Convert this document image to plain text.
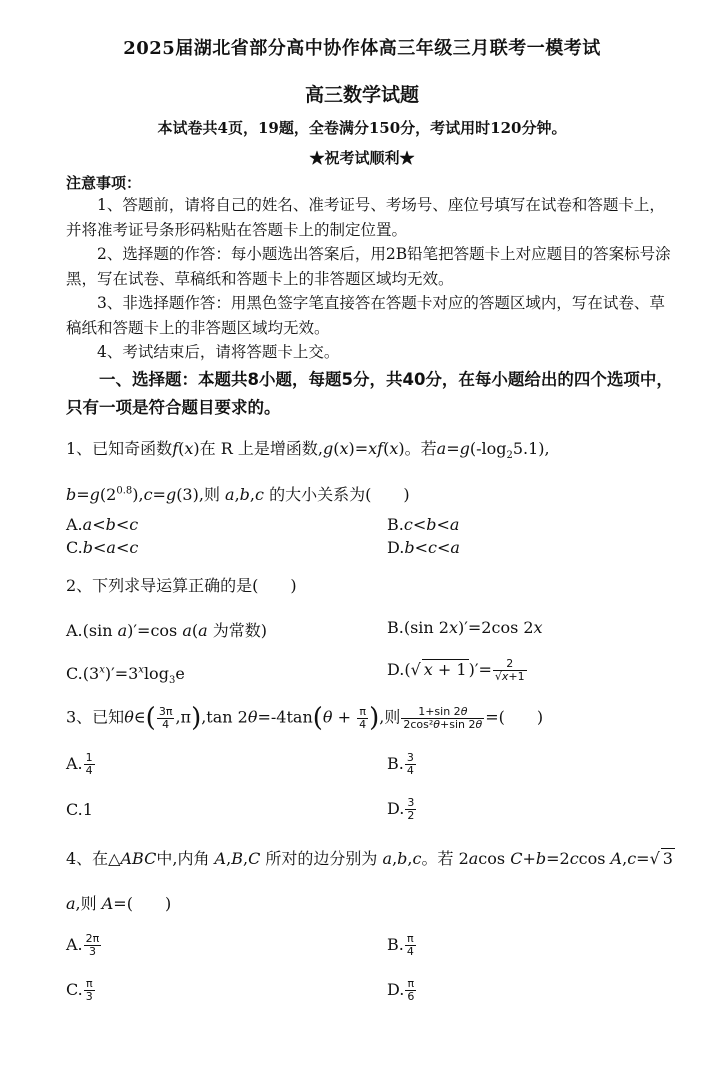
2025届湖北省部分高中协作体高三年级三月联考一模考试
高三数学试题
本试卷共4页，19题，全卷满分150分，考试用时120分钟。
★祝考试顺利★
注意事项：
1、答题前，请将自己的姓名、准考证号、考场号、座位号填写在试卷和答题卡上，并将准考证号条形码粘贴在答题卡上的制定位置。
2、选择题的作答：每小题选出答案后，用2B铅笔把答题卡上对应题目的答案标号涂黑，写在试卷、草稿纸和答题卡上的非答题区域均无效。
3、非选择题作答：用黑色签字笔直接答在答题卡对应的答题区域内，写在试卷、草稿纸和答题卡上的非答题区域均无效。
4、考试结束后，请将答题卡上交。
一、选择题：本题共8小题，每题5分，共40分，在每小题给出的四个选项中，只有一项是符合题目要求的。
1、已知奇函数f(x)在 R 上是增函数,g(x)=xf(x)。若$a=g(-\log_25.1)$,
$b=g(2^{0.8}),c=g(3)$,则 a,b,c 的大小关系为(　　)
A.a<b<c	B.c<b<a
C.b<a<c	D.b<c<a
2、下列求导运算正确的是(　　)
A.(sin a)′=cos a(a 为常数)	B.(sin 2x)′=2cos 2x
$C.(3^x)'=3^x\log_3e$	D.(√ x + 1 )′= $\frac{2}{√x+1}$
3、已知θ∈( $\frac{3\pi}{4} ,\pi),\tan$ $2\theta=-4\tan(\theta + \frac{\pi}{4}$ ),则 $\frac{1+\sin 2\theta}{\text{2cos²θ+sin 2θ}}$ =(　　)
A. $\frac{1}{4}$	B. $\frac{3}{4}$
C.1	D. $\frac{3}{2}$
4、在△ABC中,内角 A,B,C 所对的边分别为 a,b,c。若 2acos C+b=2ccos A,c=√ 3
a,则 A=(　　)
A. $\frac{2\pi}{3}$	B. $\frac{\pi}{4}$
C. $\frac{\pi}{3}$	D. $\frac{\pi}{6}$
